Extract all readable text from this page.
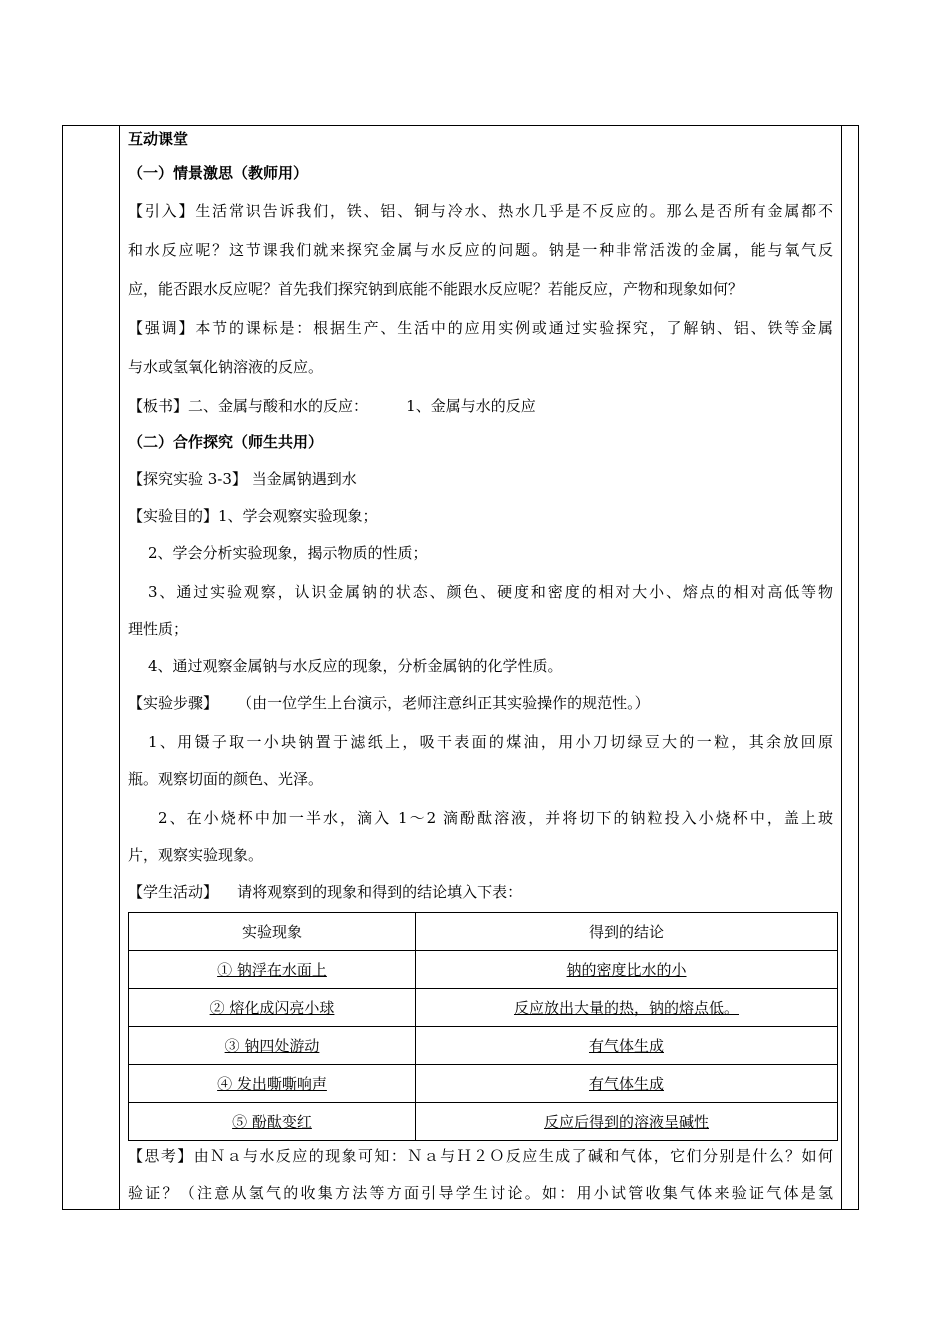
互动课堂
（一）情景激思（教师用）
【引入】生活常识告诉我们，铁、铝、铜与冷水、热水几乎是不反应的。那么是否所有金属都不
和水反应呢？这节课我们就来探究金属与水反应的问题。钠是一种非常活泼的金属，能与氧气反
应，能否跟水反应呢？首先我们探究钠到底能不能跟水反应呢？若能反应，产物和现象如何？
【强调】本节的课标是：根据生产、生活中的应用实例或通过实验探究，了解钠、铝、铁等金属
与水或氢氧化钠溶液的反应。
【板书】二、金属与酸和水的反应：        1、金属与水的反应
（二）合作探究（师生共用）
【探究实验 3-3】 当金属钠遇到水
【实验目的】1、学会观察实验现象；
2、学会分析实验现象，揭示物质的性质；
3、通过实验观察，认识金属钠的状态、颜色、硬度和密度的相对大小、熔点的相对高低等物
理性质；
4、通过观察金属钠与水反应的现象，分析金属钠的化学性质。
【实验步骤】    （由一位学生上台演示，老师注意纠正其实验操作的规范性。）
1、用镊子取一小块钠置于滤纸上，吸干表面的煤油，用小刀切绿豆大的一粒，其余放回原
瓶。观察切面的颜色、光泽。
2、在小烧杯中加一半水，滴入 1～2 滴酚酞溶液，并将切下的钠粒投入小烧杯中，盖上玻
片，观察实验现象。
【学生活动】    请将观察到的现象和得到的结论填入下表：
实验现象	得到的结论
① 钠浮在水面上	钠的密度比水的小
② 熔化成闪亮小球	反应放出大量的热，钠的熔点低。
③ 钠四处游动	有气体生成
④ 发出嘶嘶响声	有气体生成
⑤ 酚酞变红	反应后得到的溶液呈碱性
【思考】由Ｎａ与水反应的现象可知：Ｎａ与Ｈ２Ｏ反应生成了碱和气体，它们分别是什么？如何
验证？（注意从氢气的收集方法等方面引导学生讨论。如：用小试管收集气体来验证气体是氢
